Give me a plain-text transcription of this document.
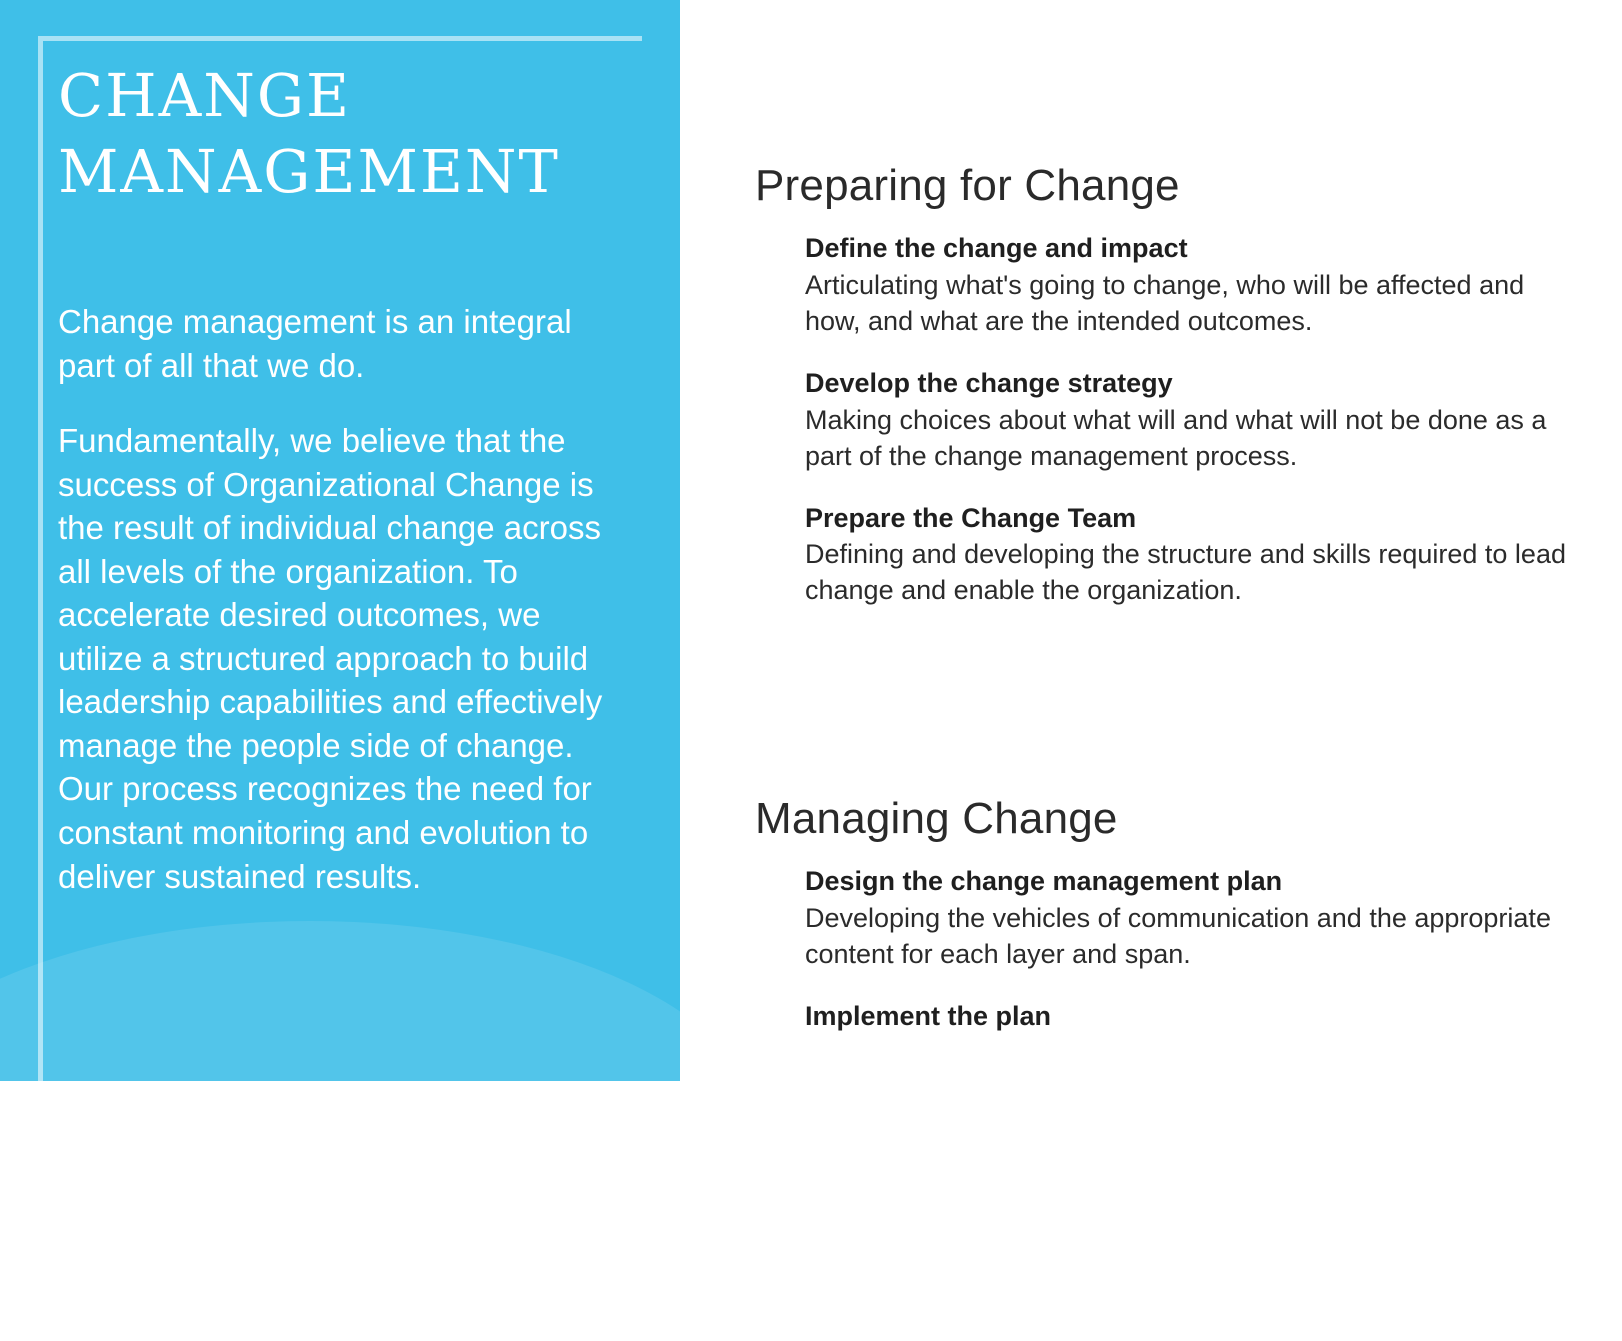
CHANGE MANAGEMENT

Change management is an integral part of all that we do.

Fundamentally, we believe that the success of Organizational Change is the result of individual change across all levels of the organization. To accelerate desired outcomes, we utilize a structured approach to build leadership capabilities and effectively manage the people side of change. Our process recognizes the need for constant monitoring and evolution to deliver sustained results.

Preparing for Change

Define the change and impact

Articulating what's going to change, who will be affected and how, and what are the intended outcomes.

Develop the change strategy

Making choices about what will and what will not be done as a part of the change management process.

Prepare the Change Team

Defining and developing the structure and skills required to lead change and enable the organization.

Managing Change

Design the change management plan

Developing the vehicles of communication and the appropriate content for each layer and span.

Implement the plan
